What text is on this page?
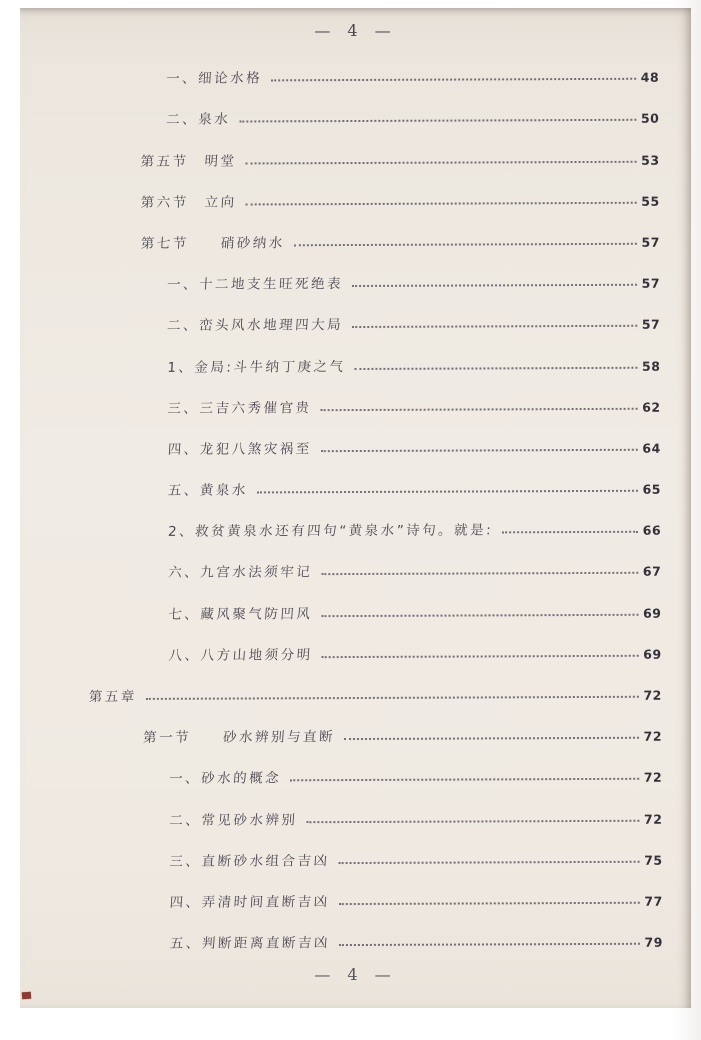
— 4 —
一、细论水格	48
二、泉水	50
第五节　明堂	53
第六节　立向	55
第七节　　硝砂纳水	57
一、十二地支生旺死绝表	57
二、峦头风水地理四大局	57
1、金局:斗牛纳丁庚之气	58
三、三吉六秀催官贵	62
四、龙犯八煞灾祸至	64
五、黄泉水	65
2、救贫黄泉水还有四句“黄泉水”诗句。就是:	66
六、九宫水法须牢记	67
七、藏风聚气防凹风	69
八、八方山地须分明	69
第五章	72
第一节　　砂水辨别与直断	72
一、砂水的概念	72
二、常见砂水辨别	72
三、直断砂水组合吉凶	75
四、弄清时间直断吉凶	77
五、判断距离直断吉凶	79
— 4 —
